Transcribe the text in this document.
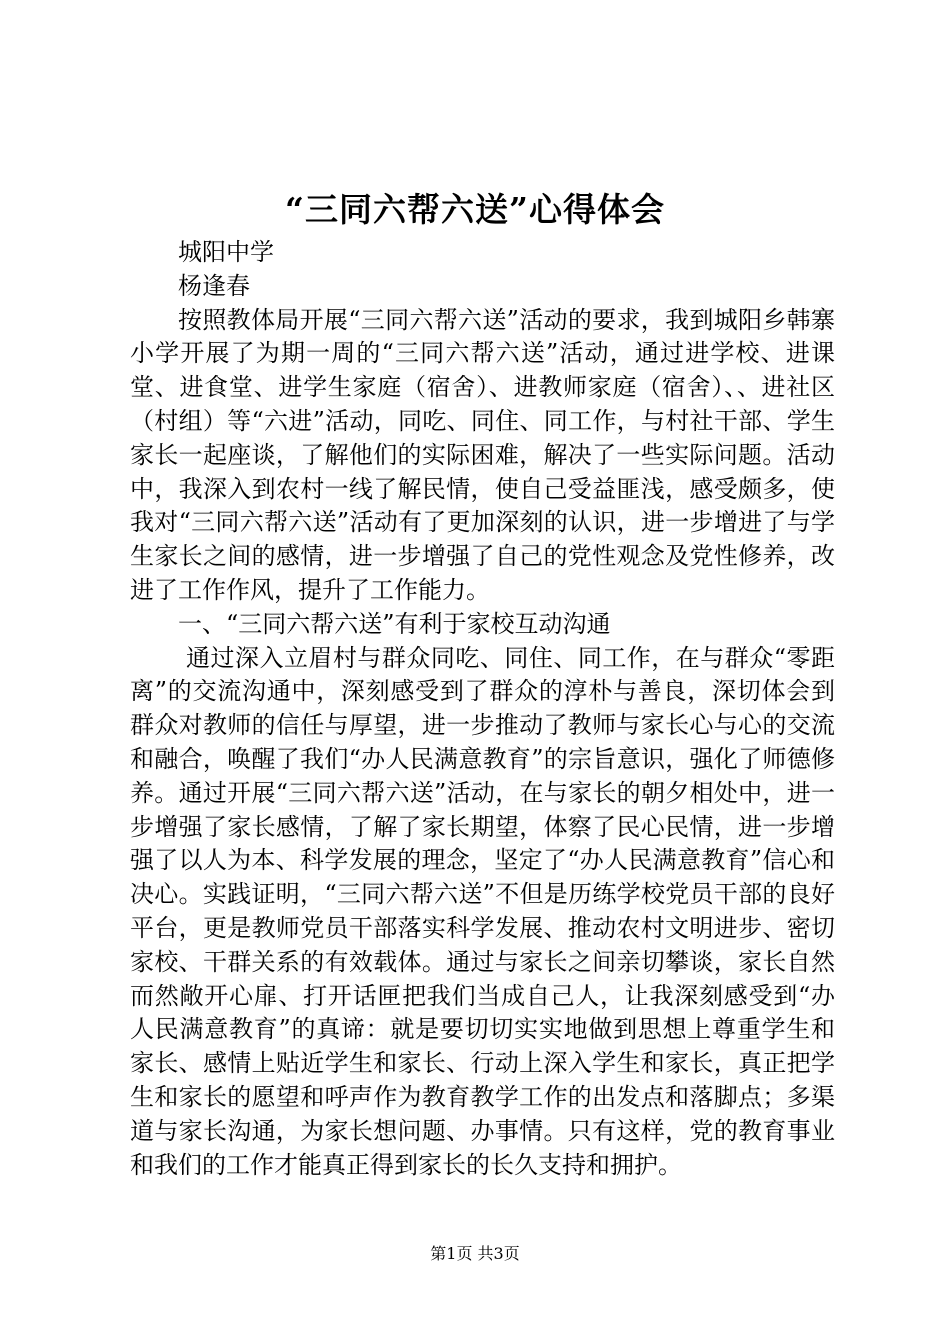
“三同六帮六送”心得体会

城阳中学

杨逢春

按照教体局开展“三同六帮六送”活动的要求，我到城阳乡韩寨小学开展了为期一周的“三同六帮六送”活动，通过进学校、进课堂、进食堂、进学生家庭（宿舍）、进教师家庭（宿舍）、、进社区（村组）等“六进”活动，同吃、同住、同工作，与村社干部、学生家长一起座谈，了解他们的实际困难，解决了一些实际问题。活动中，我深入到农村一线了解民情，使自己受益匪浅，感受颇多，使我对“三同六帮六送”活动有了更加深刻的认识，进一步增进了与学生家长之间的感情，进一步增强了自己的党性观念及党性修养，改进了工作作风，提升了工作能力。

一、“三同六帮六送”有利于家校互动沟通

通过深入立眉村与群众同吃、同住、同工作，在与群众“零距离”的交流沟通中，深刻感受到了群众的淳朴与善良，深切体会到群众对教师的信任与厚望，进一步推动了教师与家长心与心的交流和融合，唤醒了我们“办人民满意教育”的宗旨意识，强化了师德修养。通过开展“三同六帮六送”活动，在与家长的朝夕相处中，进一步增强了家长感情，了解了家长期望，体察了民心民情，进一步增强了以人为本、科学发展的理念，坚定了“办人民满意教育”信心和决心。实践证明，“三同六帮六送”不但是历练学校党员干部的良好平台，更是教师党员干部落实科学发展、推动农村文明进步、密切家校、干群关系的有效载体。通过与家长之间亲切攀谈，家长自然而然敞开心扉、打开话匣把我们当成自己人，让我深刻感受到“办人民满意教育”的真谛：就是要切切实实地做到思想上尊重学生和家长、感情上贴近学生和家长、行动上深入学生和家长，真正把学生和家长的愿望和呼声作为教育教学工作的出发点和落脚点；多渠道与家长沟通，为家长想问题、办事情。只有这样，党的教育事业和我们的工作才能真正得到家长的长久支持和拥护。

第1页 共3页
